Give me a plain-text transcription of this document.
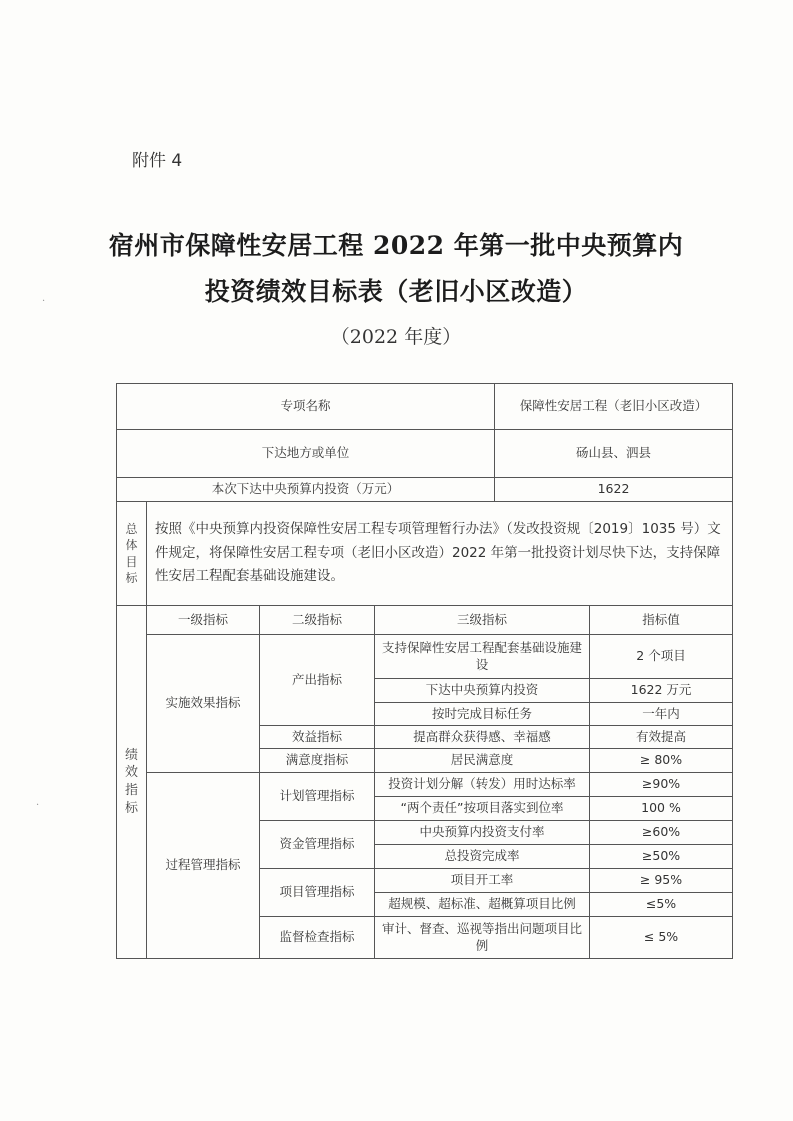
附件 4
宿州市保障性安居工程 2022 年第一批中央预算内
投资绩效目标表（老旧小区改造）
（2022 年度）
·
·
专项名称				保障性安居工程（老旧小区改造）	
下达地方或单位				砀山县、泗县	
本次下达中央预算内投资（万元）				1622	

总
体
目
标	按照《中央预算内投资保障性安居工程专项管理暂行办法》（发改投资规〔2019〕1035 号）文件规定，将保障性安居工程专项（老旧小区改造）2022 年第一批投资计划尽快下达，支持保障性安居工程配套基础设施建设。				

绩
效
指
标	一级指标	二级指标	三级指标		指标值
	实施效果指标	产出指标	支持保障性安居工程配套基础设施建设		2 个项目
			下达中央预算内投资		1622 万元
			按时完成目标任务		一年内
		效益指标	提高群众获得感、幸福感		有效提高
		满意度指标	居民满意度		≥ 80%
	过程管理指标	计划管理指标	投资计划分解（转发）用时达标率		≥90%
			“两个责任”按项目落实到位率		100 %
		资金管理指标	中央预算内投资支付率		≥60%
			总投资完成率		≥50%
		项目管理指标	项目开工率		≥ 95%
			超规模、超标准、超概算项目比例		≤5%
		监督检查指标	审计、督查、巡视等指出问题项目比例		≤ 5%
